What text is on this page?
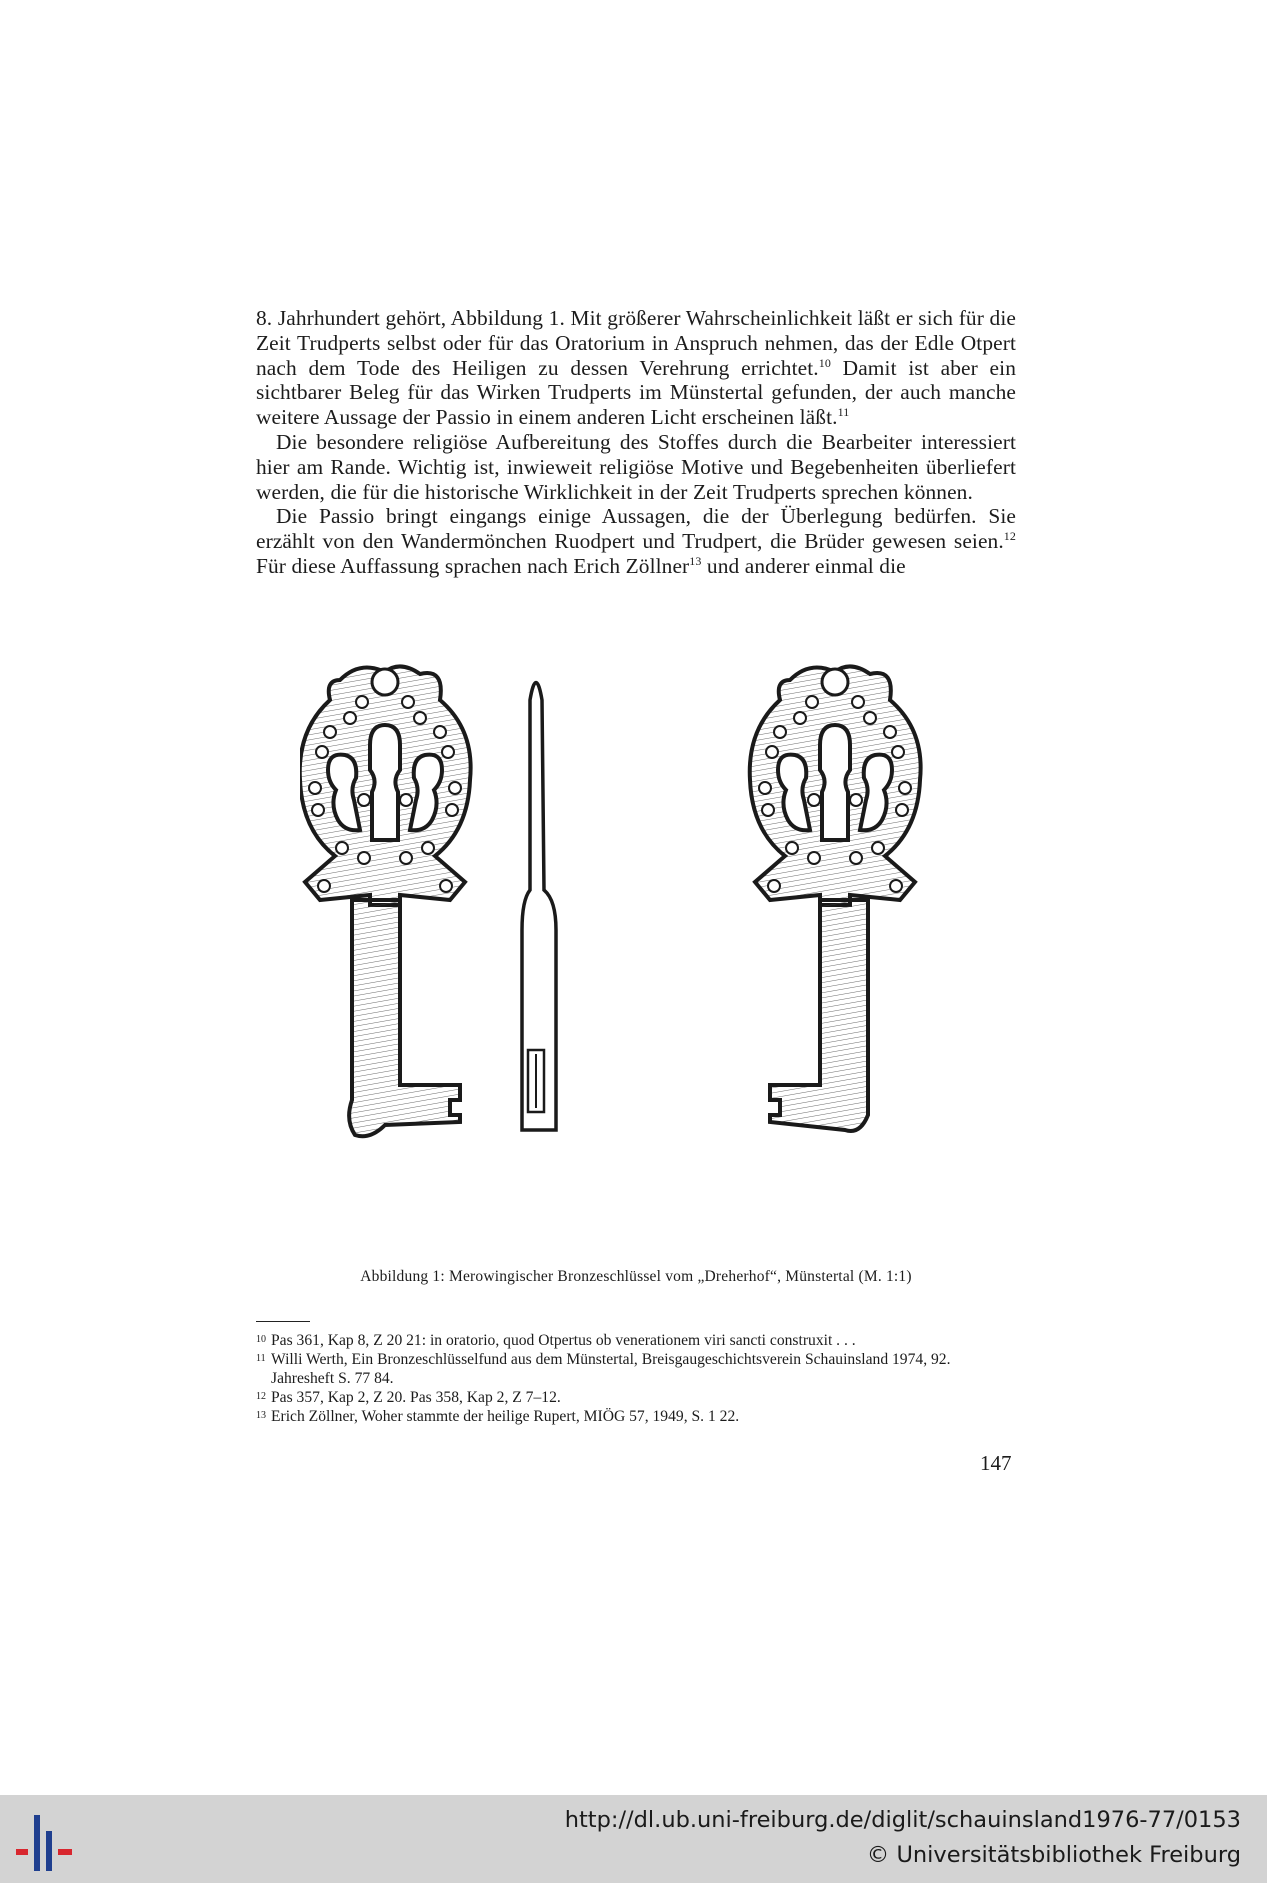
8. Jahrhundert gehört, Abbildung 1. Mit größerer Wahrscheinlichkeit läßt er sich für die Zeit Trudperts selbst oder für das Oratorium in Anspruch nehmen, das der Edle Otpert nach dem Tode des Heiligen zu dessen Verehrung errichtet.$^{10}$ Damit ist aber ein sichtbarer Beleg für das Wirken Trudperts im Münstertal gefunden, der auch manche weitere Aussage der Passio in einem anderen Licht erscheinen läßt.$^{11}$

Die besondere religiöse Aufbereitung des Stoffes durch die Bearbeiter interessiert hier am Rande. Wichtig ist, inwieweit religiöse Motive und Begebenheiten überliefert werden, die für die historische Wirklichkeit in der Zeit Trudperts sprechen können.

Die Passio bringt eingangs einige Aussagen, die der Überlegung bedürfen. Sie erzählt von den Wandermönchen Ruodpert und Trudpert, die Brüder gewesen seien.$^{12}$ Für diese Auffassung sprachen nach Erich Zöllner$^{13}$ und anderer einmal die

Abbildung 1: Merowingischer Bronzeschlüssel vom „Dreherhof“, Münstertal (M. 1:1)
10 Pas 361, Kap 8, Z 20 21: in oratorio, quod Otpertus ob venerationem viri sancti construxit . . .
11 Willi Werth, Ein Bronzeschlüsselfund aus dem Münstertal, Breisgaugeschichtsverein Schauinsland 1974, 92. Jahresheft S. 77 84.
12 Pas 357, Kap 2, Z 20. Pas 358, Kap 2, Z 7–12.
13 Erich Zöllner, Woher stammte der heilige Rupert, MIÖG 57, 1949, S. 1 22.
147
http://dl.ub.uni-freiburg.de/diglit/schauinsland1976-77/0153
© Universitätsbibliothek Freiburg
